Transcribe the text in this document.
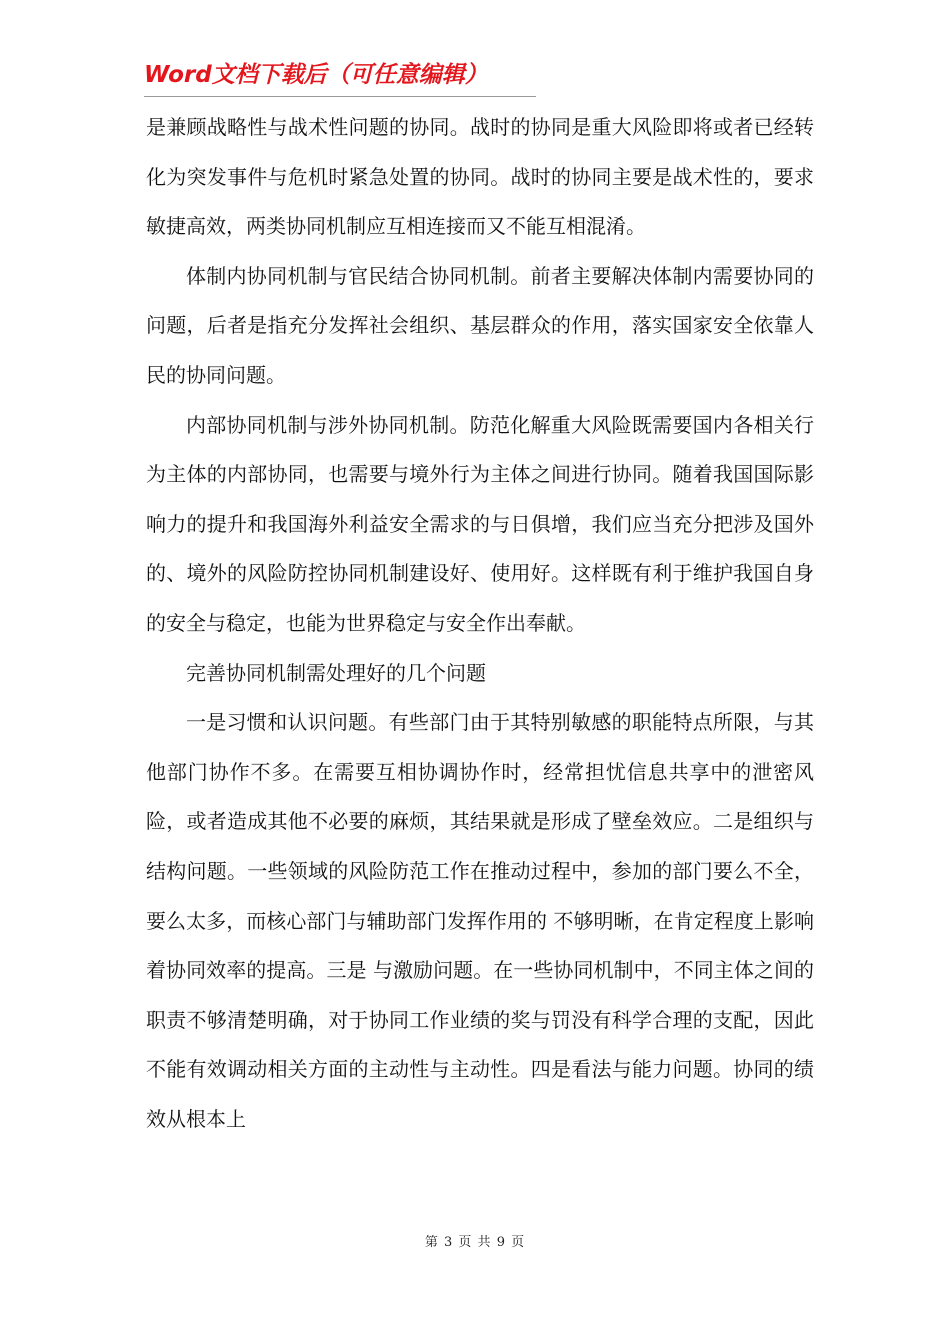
Word文档下载后（可任意编辑）

是兼顾战略性与战术性问题的协同。战时的协同是重大风险即将或者已经转化为突发事件与危机时紧急处置的协同。战时的协同主要是战术性的，要求敏捷高效，两类协同机制应互相连接而又不能互相混淆。

体制内协同机制与官民结合协同机制。前者主要解决体制内需要协同的问题，后者是指充分发挥社会组织、基层群众的作用，落实国家安全依靠人民的协同问题。

内部协同机制与涉外协同机制。防范化解重大风险既需要国内各相关行为主体的内部协同，也需要与境外行为主体之间进行协同。随着我国国际影响力的提升和我国海外利益安全需求的与日俱增，我们应当充分把涉及国外的、境外的风险防控协同机制建设好、使用好。这样既有利于维护我国自身的安全与稳定，也能为世界稳定与安全作出奉献。

完善协同机制需处理好的几个问题

一是习惯和认识问题。有些部门由于其特别敏感的职能特点所限，与其他部门协作不多。在需要互相协调协作时，经常担忧信息共享中的泄密风险，或者造成其他不必要的麻烦，其结果就是形成了壁垒效应。二是组织与结构问题。一些领域的风险防范工作在推动过程中，参加的部门要么不全，要么太多，而核心部门与辅助部门发挥作用的 不够明晰，在肯定程度上影响着协同效率的提高。三是 与激励问题。在一些协同机制中，不同主体之间的职责不够清楚明确，对于协同工作业绩的奖与罚没有科学合理的支配，因此不能有效调动相关方面的主动性与主动性。四是看法与能力问题。协同的绩效从根本上

第 3 页 共 9 页
